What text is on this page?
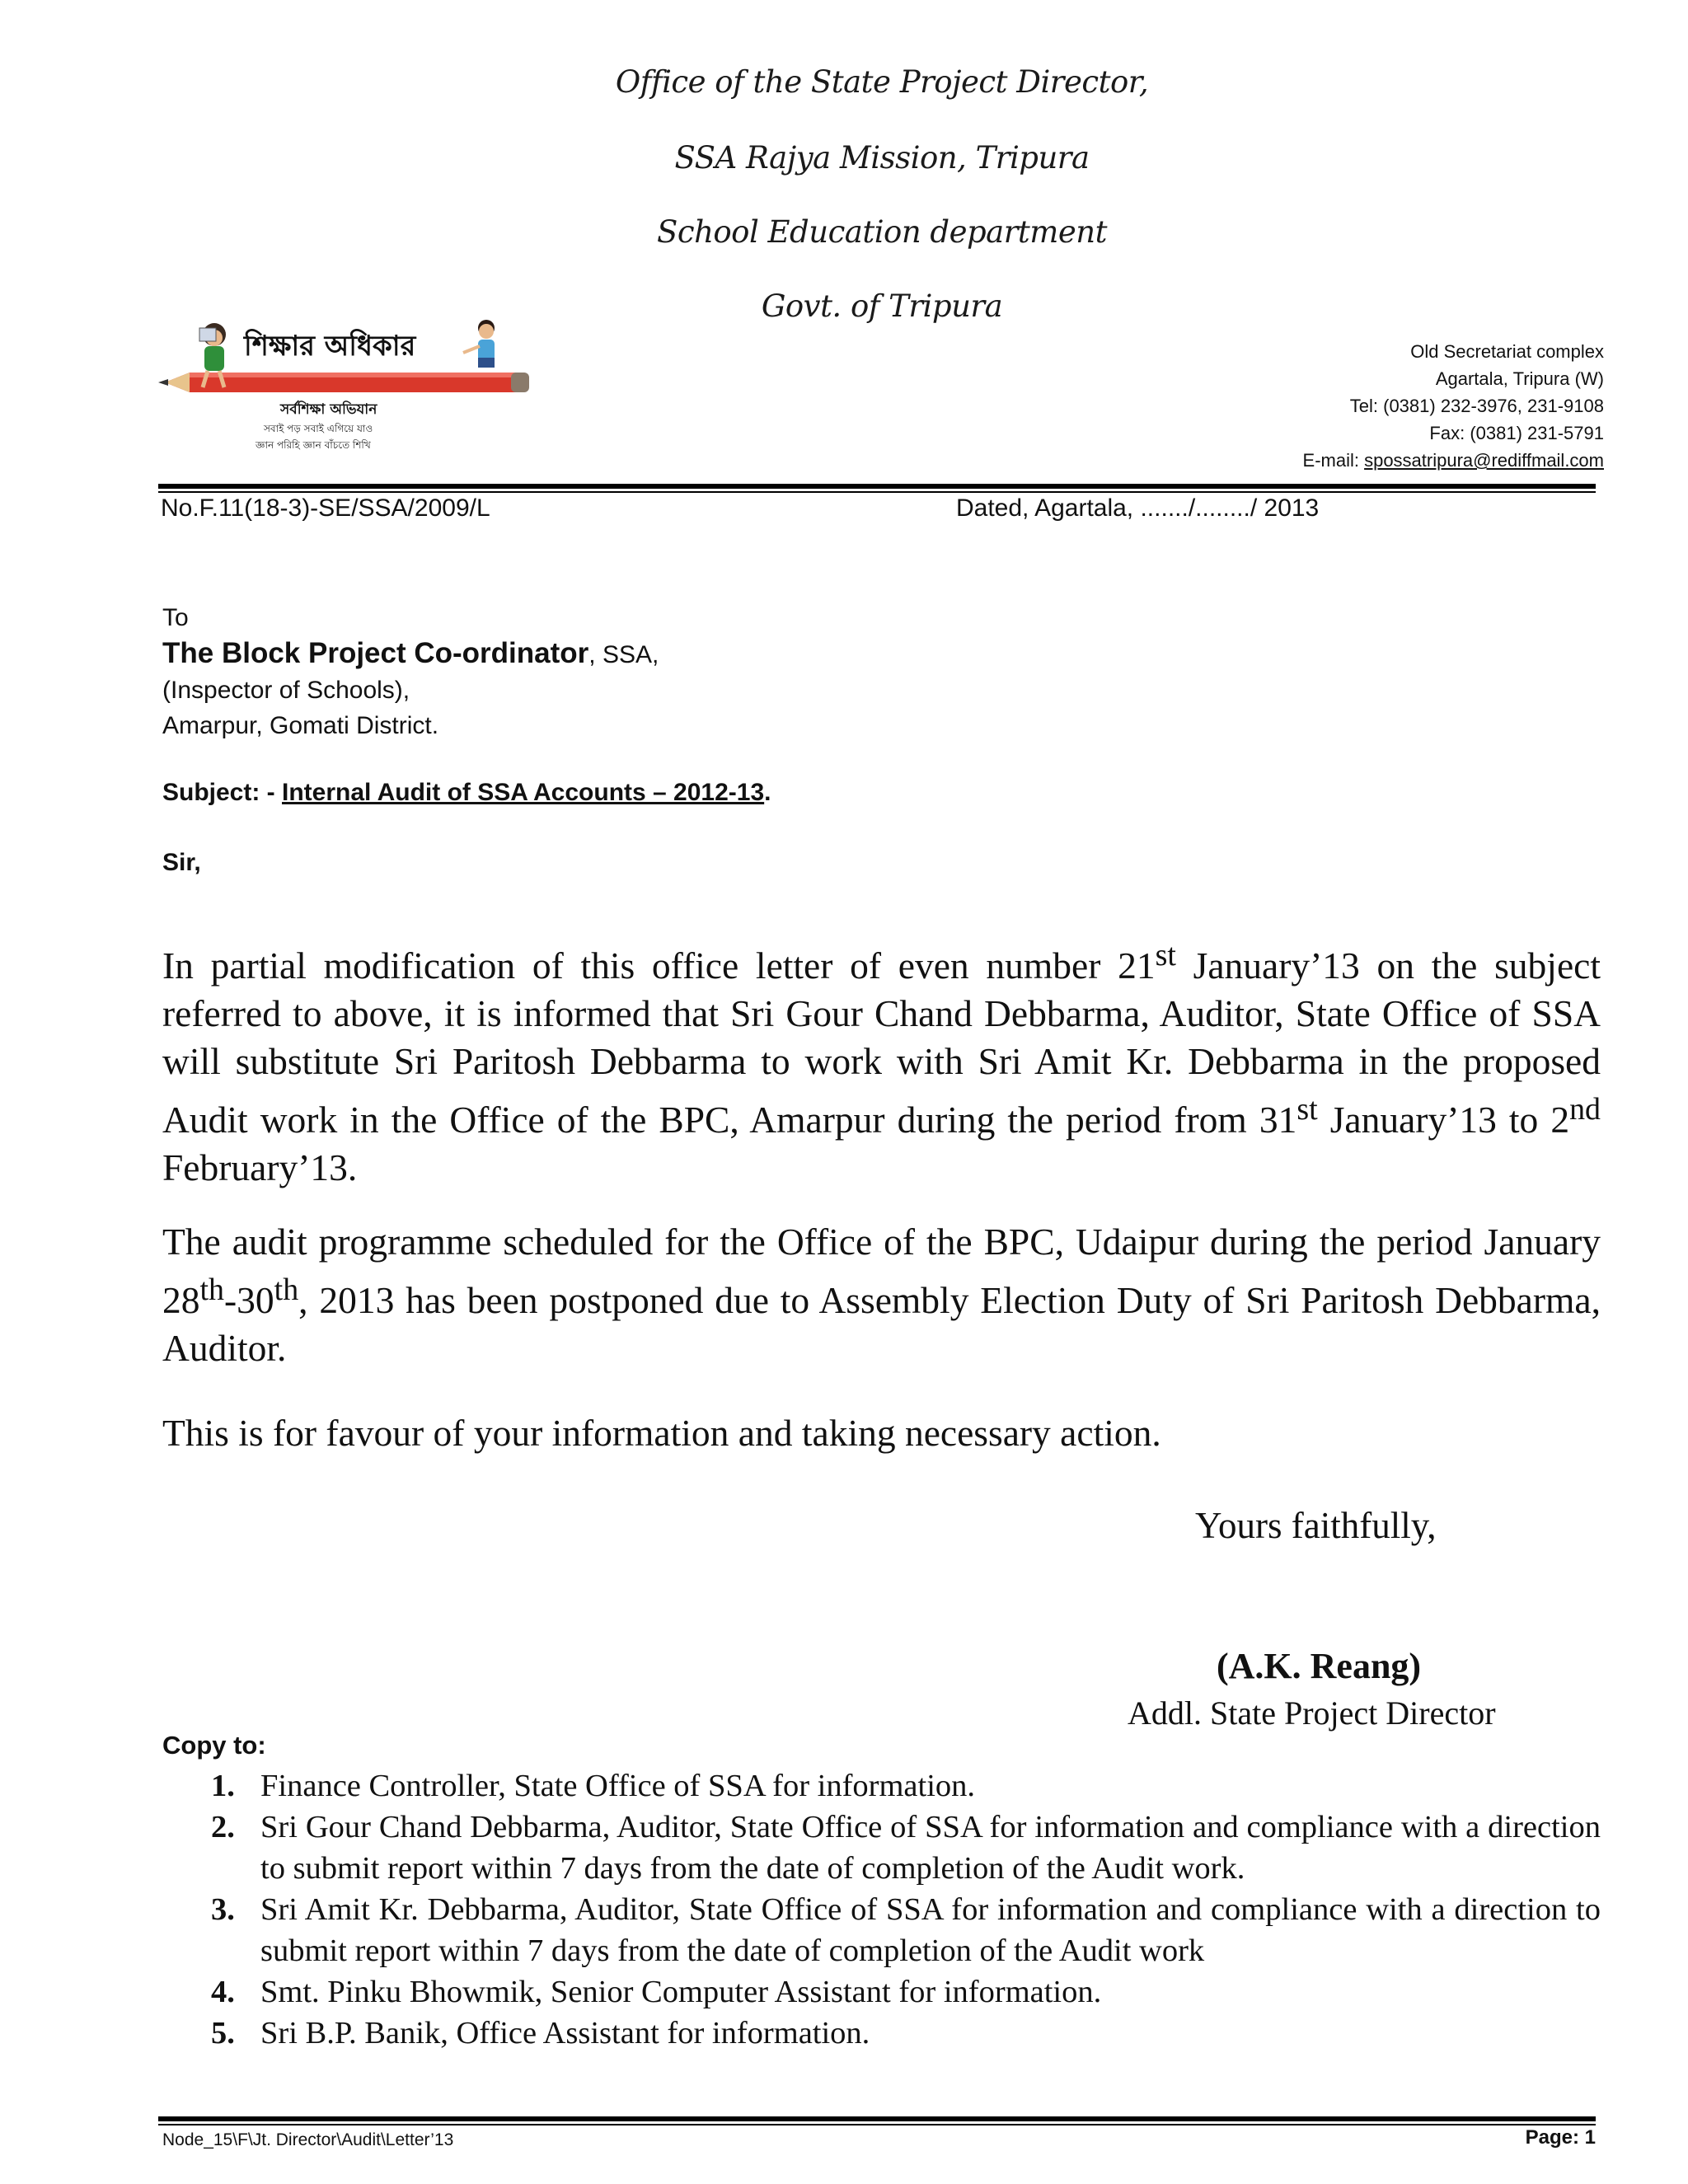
Office of the State Project Director,
SSA Rajya Mission, Tripura
School Education department
Govt. of Tripura
শিক্ষার অধিকার
সর্বশিক্ষা অভিযান
সবাই পড় সবাই এগিয়ে যাও
জ্ঞান পরিহি জ্ঞান বাঁচতে শিখি
Old Secretariat complex
Agartala, Tripura (W)
Tel: (0381) 232-3976, 231-9108
Fax: (0381) 231-5791
E-mail: spossatripura@rediffmail.com
No.F.11(18-3)-SE/SSA/2009/L	Dated, Agartala, ......./......../ 2013
To
The Block Project Co-ordinator, SSA,
(Inspector of Schools),
Amarpur, Gomati District.
Subject: - Internal Audit of SSA Accounts – 2012-13.
Sir,
In partial modification of this office letter of even number 21st January’13 on the subject referred to above, it is informed that Sri Gour Chand Debbarma, Auditor, State Office of SSA will substitute Sri Paritosh Debbarma to work with Sri Amit Kr. Debbarma in the proposed Audit work in the Office of the BPC, Amarpur during the period from 31st January’13 to 2nd February’13.
The audit programme scheduled for the Office of the BPC, Udaipur during the period January 28th-30th, 2013 has been postponed due to Assembly Election Duty of Sri Paritosh Debbarma, Auditor.
This is for favour of your information and taking necessary action.
Yours faithfully,
(A.K. Reang)
Addl. State Project Director
Copy to:
1. Finance Controller, State Office of SSA for information.
2. Sri Gour Chand Debbarma, Auditor, State Office of SSA for information and compliance with a direction to submit report within 7 days from the date of completion of the Audit work.
3. Sri Amit Kr. Debbarma, Auditor, State Office of SSA for information and compliance with a direction to submit report within 7 days from the date of completion of the Audit work
4. Smt. Pinku Bhowmik, Senior Computer Assistant for information.
5. Sri B.P. Banik, Office Assistant for information.
Node_15\F\Jt. Director\Audit\Letter’13	Page: 1
